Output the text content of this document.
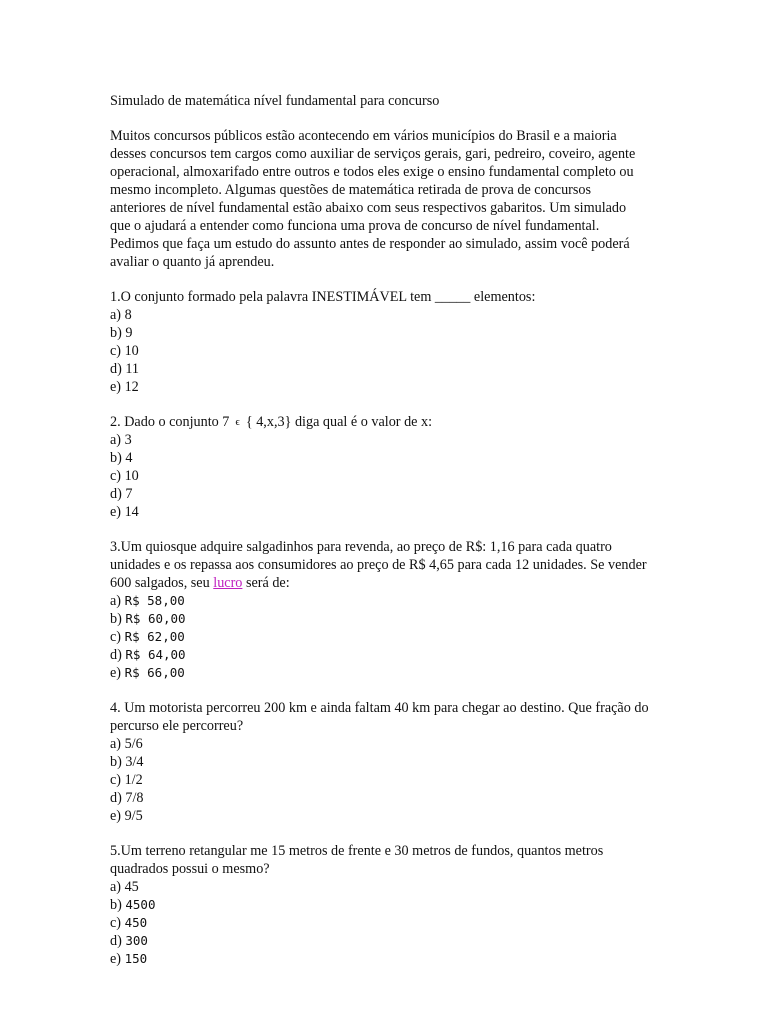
Simulado de matemática nível fundamental para concurso

Muitos concursos públicos estão acontecendo em vários municípios do Brasil e a maioria desses concursos tem cargos como auxiliar de serviços gerais, gari, pedreiro, coveiro, agente operacional, almoxarifado entre outros e todos eles exige o ensino fundamental completo ou mesmo incompleto. Algumas questões de matemática retirada de prova de concursos anteriores de nível fundamental estão abaixo com seus respectivos gabaritos. Um simulado que o ajudará a entender como funciona uma prova de concurso de nível fundamental. Pedimos que faça um estudo do assunto antes de responder ao simulado, assim você poderá avaliar o quanto já aprendeu.

1.O conjunto formado pela palavra INESTIMÁVEL tem _____ elementos:

a) 8
b) 9
c) 10
d) 11
e) 12

2. Dado o conjunto 7 ϵ { 4,x,3} diga qual é o valor de x:

a) 3
b) 4
c) 10
d) 7
e) 14

3.Um quiosque adquire salgadinhos para revenda, ao preço de R$: 1,16 para cada quatro unidades e os repassa aos consumidores ao preço de R$ 4,65 para cada 12 unidades. Se vender 600 salgados, seu lucro será de:

a) R$ 58,00
b) R$ 60,00
c) R$ 62,00
d) R$ 64,00
e) R$ 66,00

4. Um motorista percorreu 200 km e ainda faltam 40 km para chegar ao destino. Que fração do percurso ele percorreu?

a) 5/6
b) 3/4
c) 1/2
d) 7/8
e) 9/5

5.Um terreno retangular me 15 metros de frente e 30 metros de fundos, quantos metros quadrados possui o mesmo?

a) 45
b) 4500
c) 450
d) 300
e) 150
